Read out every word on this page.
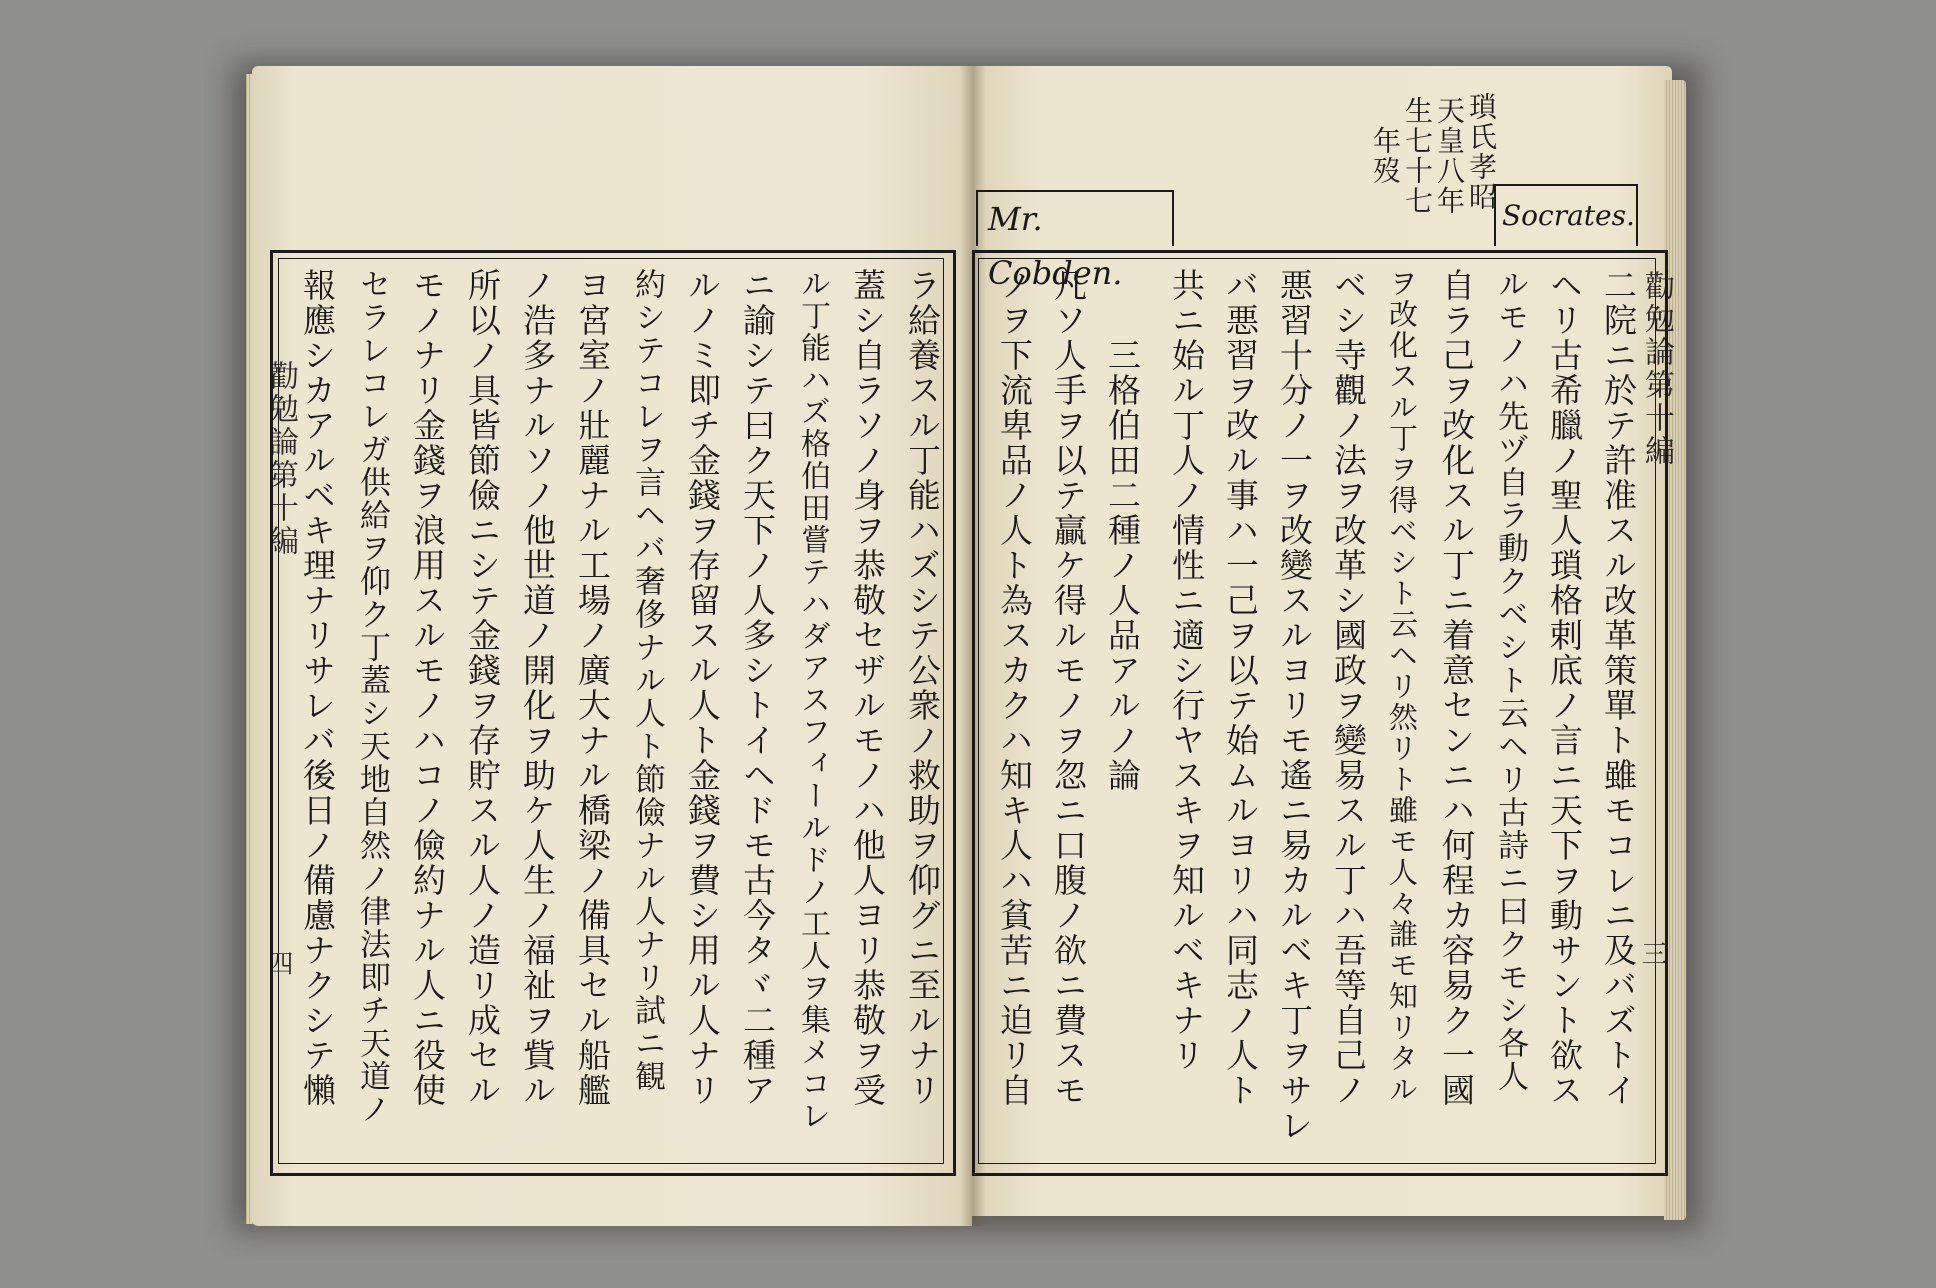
勸勉論第十編
四
勸勉論第十編
三
Mr. Cobden.
Socrates.
瑣氏孝昭
天皇八年
生七十七
年歿
ラ給養スル丁能ハズシテ公衆ノ救助ヲ仰グニ至ルナリ
蓋シ自ラソノ身ヲ恭敬セザルモノハ他人ヨリ恭敬ヲ受
ル丁能ハズ格伯田嘗テハダアスフィールドノ工人ヲ集メコレ
ニ諭シテ曰ク天下ノ人多シトイヘドモ古今タヾ二種ア
ルノミ即チ金錢ヲ存留スル人ト金錢ヲ費シ用ル人ナリ
約シテコレヲ言ヘバ奢侈ナル人ト節儉ナル人ナリ試ニ観
ヨ宮室ノ壯麗ナル工場ノ廣大ナル橋梁ノ備具セル船艦
ノ浩多ナルソノ他世道ノ開化ヲ助ケ人生ノ福祉ヲ貲ル
所以ノ具皆節儉ニシテ金錢ヲ存貯スル人ノ造リ成セル
モノナリ金錢ヲ浪用スルモノハコノ儉約ナル人ニ役使
セラレコレガ供給ヲ仰ク丁蓋シ天地自然ノ律法即チ天道ノ
報應シカアルベキ理ナリサレバ後日ノ備慮ナクシテ懶	二院ニ於テ許准スル改革策單ト雖モコレニ及バズトイ
ヘリ古希臘ノ聖人瑣格剌底ノ言ニ天下ヲ動サント欲ス
ルモノハ先ヅ自ラ動クベシト云ヘリ古詩ニ曰クモシ各人
自ラ己ヲ改化スル丁ニ着意センニハ何程カ容易ク一國
ヲ改化スル丁ヲ得ベシト云ヘリ然リト雖モ人々誰モ知リタル
ベシ寺觀ノ法ヲ改革シ國政ヲ變易スル丁ハ吾等自己ノ
悪習十分ノ一ヲ改變スルヨリモ遙ニ易カルベキ丁ヲサレ
バ悪習ヲ改ル事ハ一己ヲ以テ始ムルヨリハ同志ノ人ト
共ニ始ル丁人ノ情性ニ適シ行ヤスキヲ知ルベキナリ
三格伯田二種ノ人品アルノ論
凡ソ人手ヲ以テ贏ケ得ルモノヲ忽ニ口腹ノ欲ニ費スモ
ノヲ下流卑品ノ人ト為スカクハ知キ人ハ貧苦ニ迫リ自
